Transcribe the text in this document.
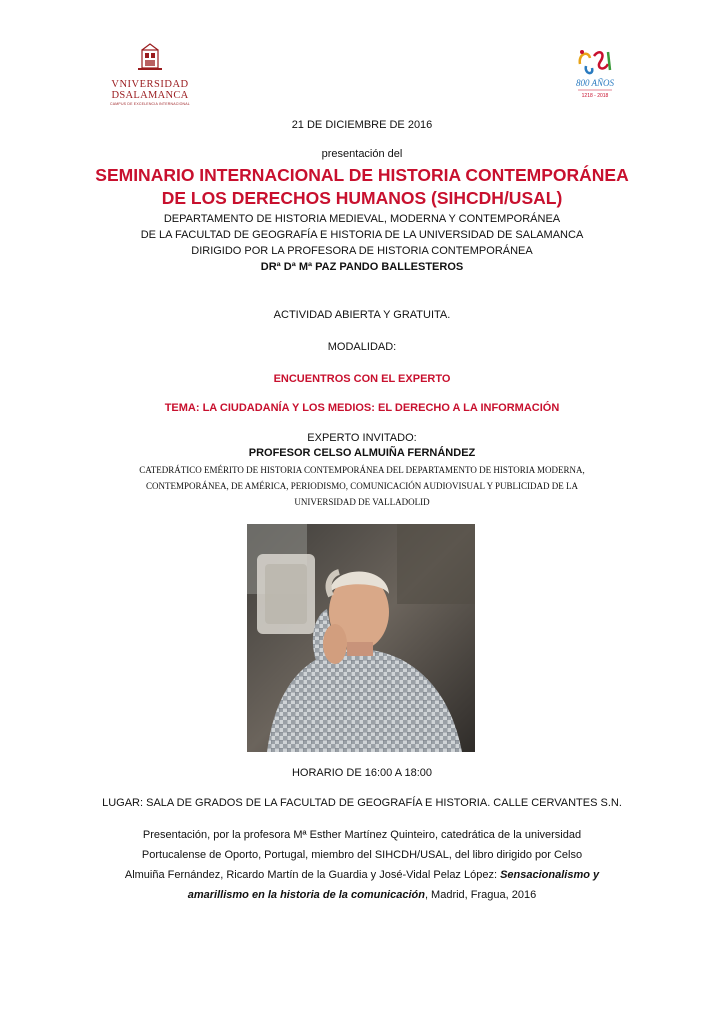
VNIVERSIDAD
DSALAMANCA
CAMPUS DE EXCELENCIA INTERNACIONAL
800 AÑOS
1218 - 2018
21 DE DICIEMBRE DE 2016
presentación del
SEMINARIO INTERNACIONAL DE HISTORIA CONTEMPORÁNEA
DE LOS DERECHOS HUMANOS (SIHCDH/USAL)
DEPARTAMENTO DE HISTORIA MEDIEVAL, MODERNA Y CONTEMPORÁNEA
DE LA FACULTAD DE GEOGRAFÍA E HISTORIA DE LA UNIVERSIDAD DE SALAMANCA
DIRIGIDO POR LA PROFESORA DE HISTORIA CONTEMPORÁNEA
DRª Dª Mª PAZ PANDO BALLESTEROS
ACTIVIDAD ABIERTA Y GRATUITA.
MODALIDAD:
ENCUENTROS CON EL EXPERTO
TEMA: LA CIUDADANÍA Y LOS MEDIOS: EL DERECHO A LA INFORMACIÓN
EXPERTO INVITADO:
PROFESOR CELSO ALMUIÑA FERNÁNDEZ
CATEDRÁTICO EMÉRITO DE HISTORIA CONTEMPORÁNEA DEL DEPARTAMENTO DE HISTORIA MODERNA,
CONTEMPORÁNEA, DE AMÉRICA, PERIODISMO, COMUNICACIÓN AUDIOVISUAL Y PUBLICIDAD DE LA
UNIVERSIDAD DE VALLADOLID
HORARIO DE 16:00 A 18:00
LUGAR: SALA DE GRADOS DE LA FACULTAD DE GEOGRAFÍA E HISTORIA. CALLE CERVANTES S.N.
Presentación, por la profesora Mª Esther Martínez Quinteiro, catedrática de la universidad
Portucalense de Oporto, Portugal, miembro del SIHCDH/USAL, del libro dirigido por Celso
Almuiña Fernández, Ricardo Martín de la Guardia y José-Vidal Pelaz López: Sensacionalismo y
amarillismo en la historia de la comunicación, Madrid, Fragua, 2016
